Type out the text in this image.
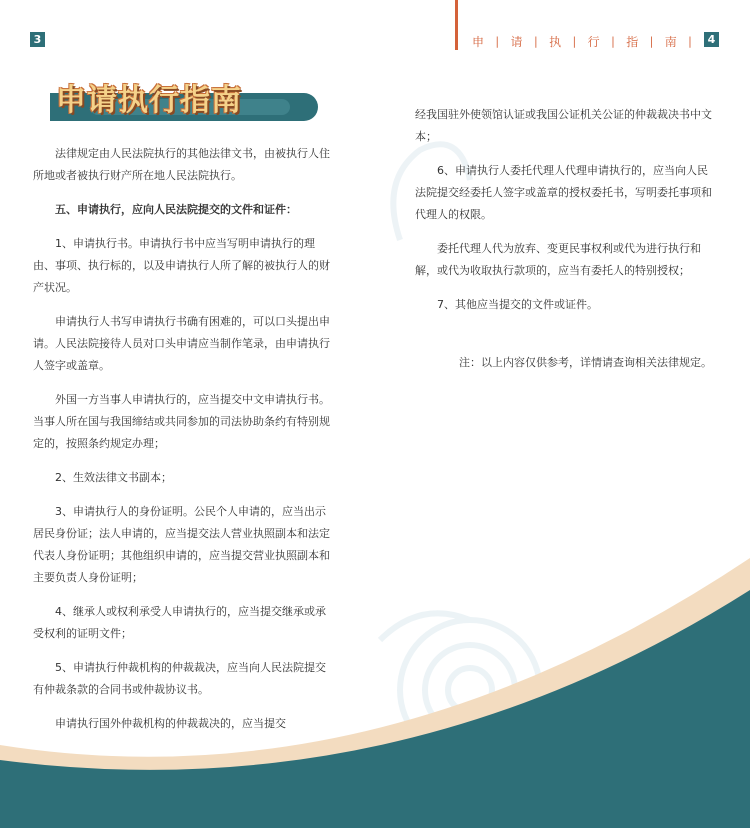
3	4
申 | 请 | 执 | 行 | 指 | 南 |
申请执行指南

法律规定由人民法院执行的其他法律文书，由被执行人住所地或者被执行财产所在地人民法院执行。

五、申请执行，应向人民法院提交的文件和证件：

1、申请执行书。申请执行书中应当写明申请执行的理由、事项、执行标的，以及申请执行人所了解的被执行人的财产状况。

申请执行人书写申请执行书确有困难的，可以口头提出申请。人民法院接待人员对口头申请应当制作笔录，由申请执行人签字或盖章。

外国一方当事人申请执行的，应当提交中文申请执行书。当事人所在国与我国缔结或共同参加的司法协助条约有特别规定的，按照条约规定办理；

2、生效法律文书副本；

3、申请执行人的身份证明。公民个人申请的，应当出示居民身份证；法人申请的，应当提交法人营业执照副本和法定代表人身份证明；其他组织申请的，应当提交营业执照副本和主要负责人身份证明；

4、继承人或权利承受人申请执行的，应当提交继承或承受权利的证明文件；

5、申请执行仲裁机构的仲裁裁决，应当向人民法院提交有仲裁条款的合同书或仲裁协议书。

申请执行国外仲裁机构的仲裁裁决的，应当提交

经我国驻外使领馆认证或我国公证机关公证的仲裁裁决书中文本；

6、申请执行人委托代理人代理申请执行的，应当向人民法院提交经委托人签字或盖章的授权委托书，写明委托事项和代理人的权限。

委托代理人代为放弃、变更民事权利或代为进行执行和解，或代为收取执行款项的，应当有委托人的特别授权；

7、其他应当提交的文件或证件。

注：以上内容仅供参考，详情请查询相关法律规定。
